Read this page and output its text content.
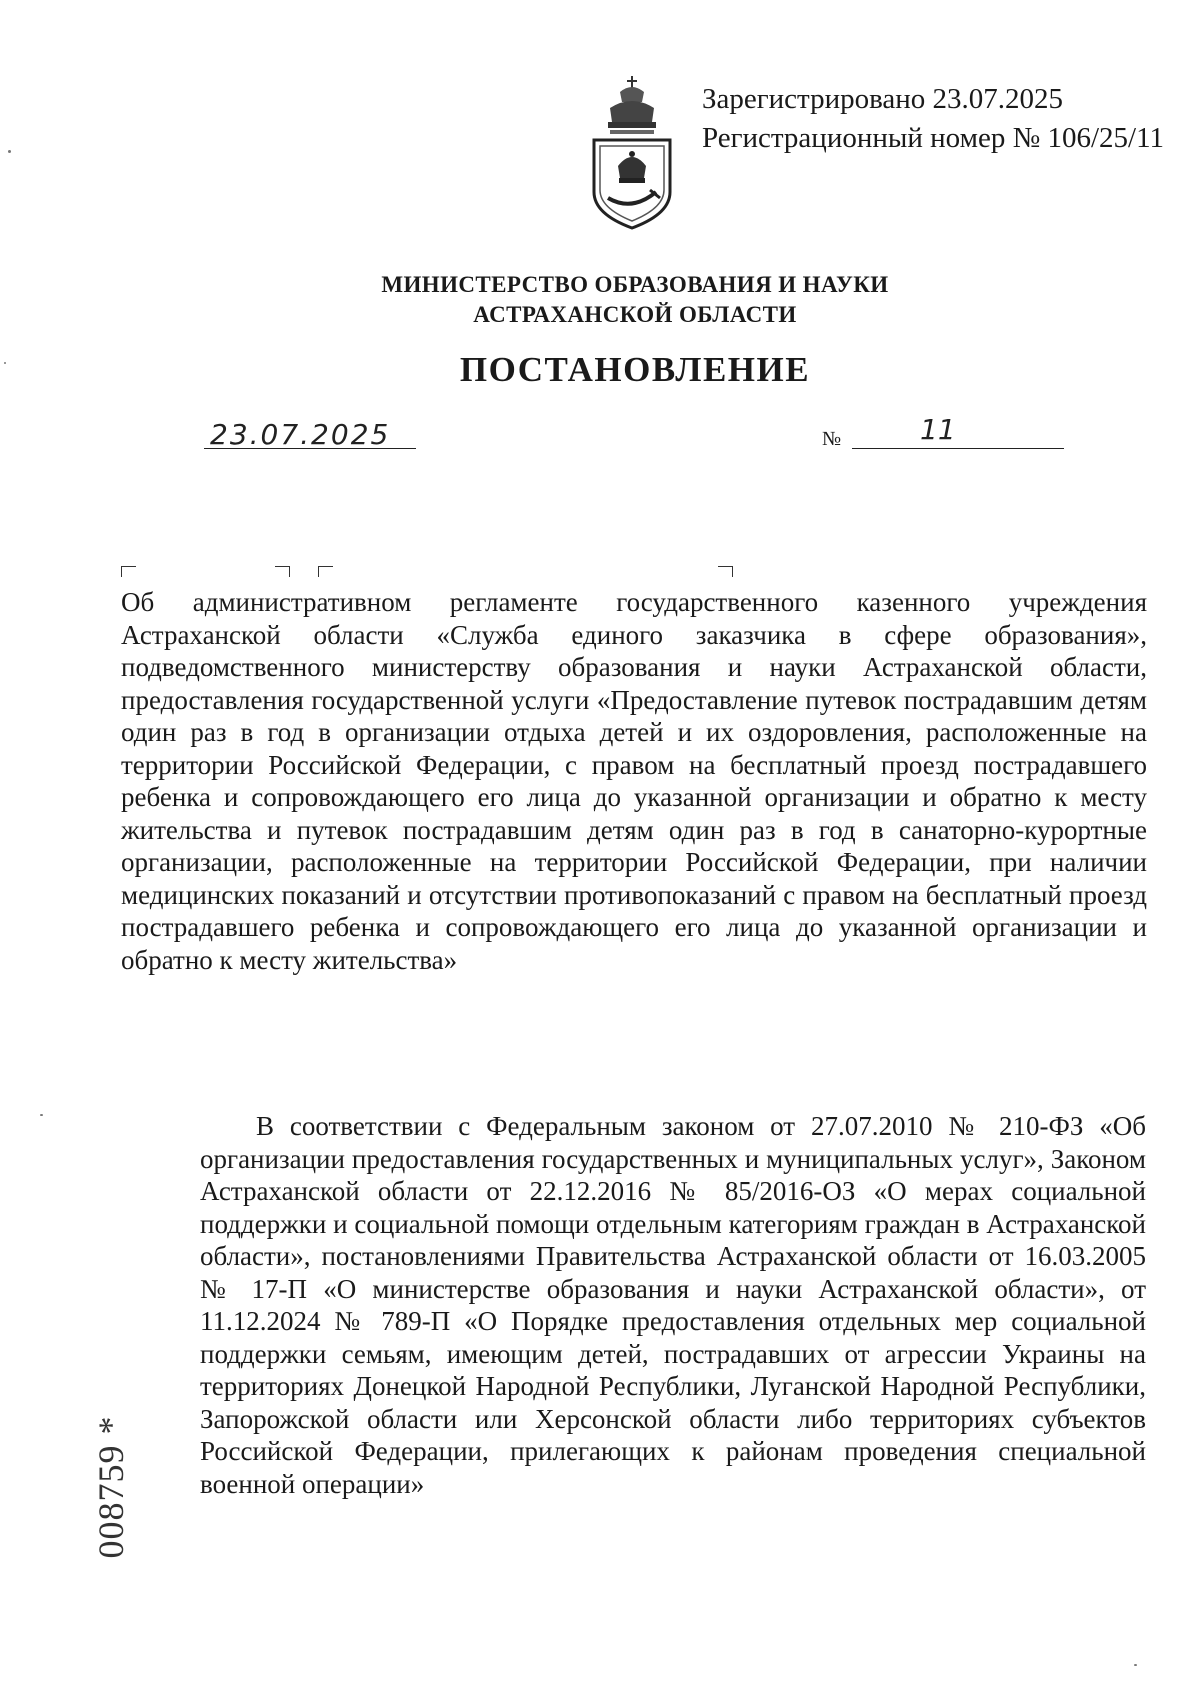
Зарегистрировано 23.07.2025
Регистрационный номер № 106/25/11
МИНИСТЕРСТВО ОБРАЗОВАНИЯ И НАУКИ
АСТРАХАНСКОЙ ОБЛАСТИ
ПОСТАНОВЛЕНИЕ
23.07.2025	№	11
Об административном регламенте государственного казенного учреждения Астраханской области «Служба единого заказчика в сфере образования», подведомственного министерству образования и науки Астраханской области, предоставления государственной услуги «Предоставление путевок пострадавшим детям один раз в год в организации отдыха детей и их оздоровления, расположенные на территории Российской Федерации, с правом на бесплатный проезд пострадавшего ребенка и сопровождающего его лица до указанной организации и обратно к месту жительства и путевок пострадавшим детям один раз в год в санаторно-курортные организации, расположенные на территории Российской Федерации, при наличии медицинских показаний и отсутствии противопоказаний с правом на бесплатный проезд пострадавшего ребенка и сопровождающего его лица до указанной организации и обратно к месту жительства»
В соответствии с Федеральным законом от 27.07.2010 № 210-ФЗ «Об организации предоставления государственных и муниципальных услуг», Законом Астраханской области от 22.12.2016 № 85/2016-ОЗ «О мерах социальной поддержки и социальной помощи отдельным категориям граждан в Астраханской области», постановлениями Правительства Астраханской области от 16.03.2005 № 17-П «О министерстве образования и науки Астраханской области», от 11.12.2024 № 789-П «О Порядке предоставления отдельных мер социальной поддержки семьям, имеющим детей, пострадавших от агрессии Украины на территориях Донецкой Народной Республики, Луганской Народной Республики, Запорожской области или Херсонской области либо территориях субъектов Российской Федерации, прилегающих к районам проведения специальной военной операции»
008759 *
